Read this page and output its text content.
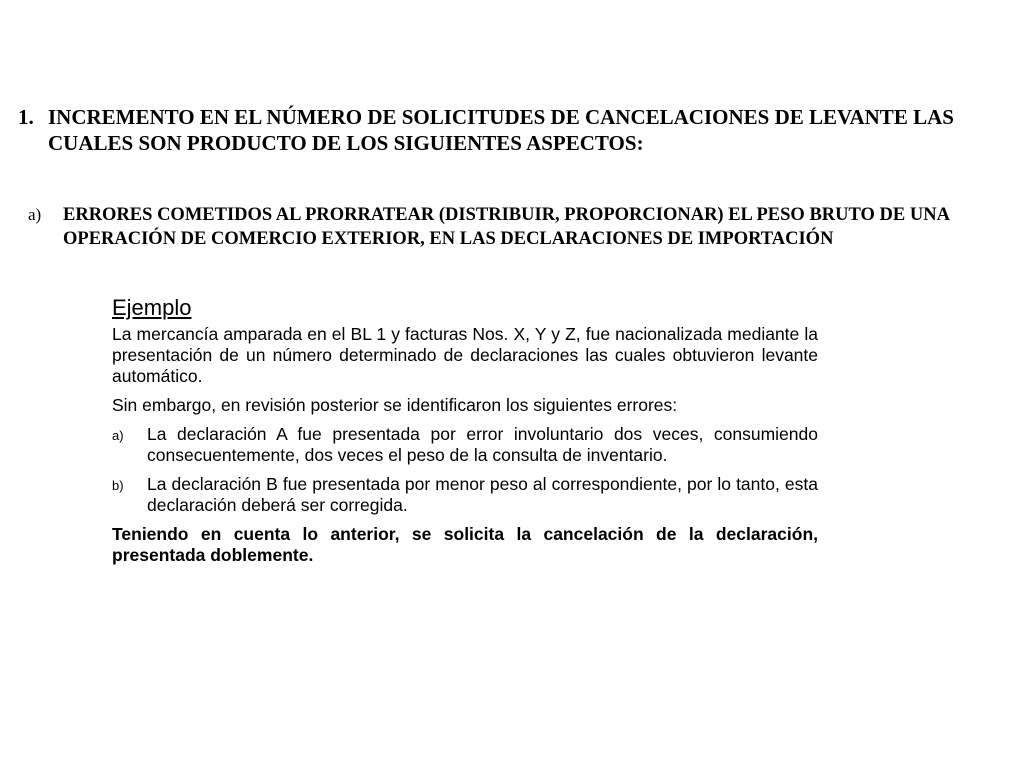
1. INCREMENTO EN EL NÚMERO DE SOLICITUDES DE CANCELACIONES DE LEVANTE LAS CUALES SON PRODUCTO DE LOS SIGUIENTES ASPECTOS:
a) ERRORES COMETIDOS AL PRORRATEAR (DISTRIBUIR, PROPORCIONAR) EL PESO BRUTO DE UNA OPERACIÓN DE COMERCIO EXTERIOR, EN LAS DECLARACIONES DE IMPORTACIÓN
Ejemplo

La mercancía amparada en el BL 1 y facturas Nos. X, Y y Z, fue nacionalizada mediante la presentación de un número determinado de declaraciones las cuales obtuvieron levante automático.

Sin embargo, en revisión posterior se identificaron los siguientes errores:

a) La declaración A fue presentada por error involuntario dos veces, consumiendo consecuentemente, dos veces el peso de la consulta de inventario.
b) La declaración B fue presentada por menor peso al correspondiente, por lo tanto, esta declaración deberá ser corregida.

Teniendo en cuenta lo anterior, se solicita la cancelación de la declaración, presentada doblemente.
